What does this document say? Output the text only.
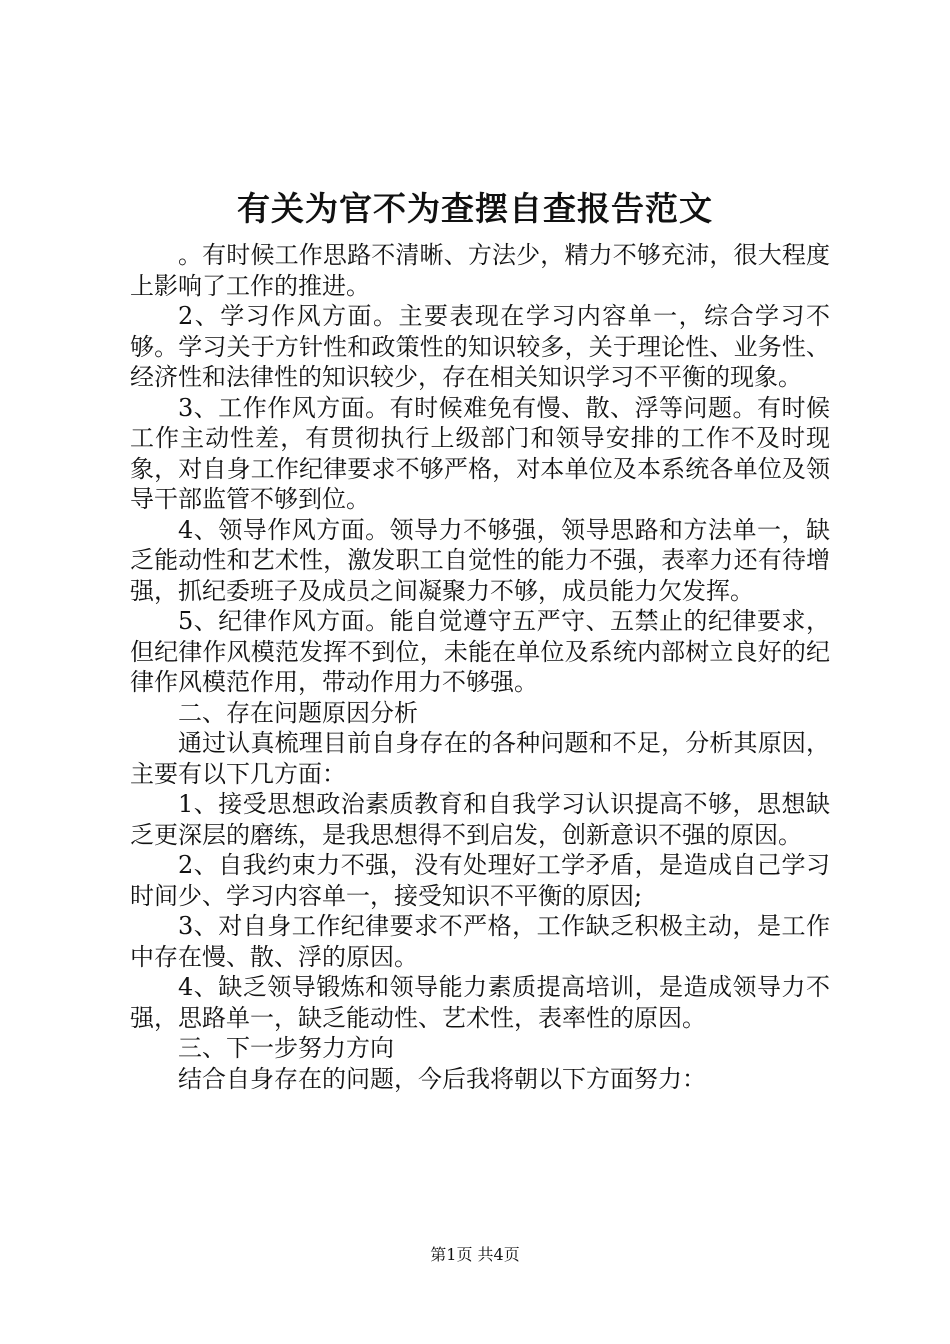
有关为官不为查摆自查报告范文

。有时候工作思路不清晰、方法少，精力不够充沛，很大程度上影响了工作的推进。

2、学习作风方面。主要表现在学习内容单一，综合学习不够。学习关于方针性和政策性的知识较多，关于理论性、业务性、经济性和法律性的知识较少，存在相关知识学习不平衡的现象。

3、工作作风方面。有时候难免有慢、散、浮等问题。有时候工作主动性差，有贯彻执行上级部门和领导安排的工作不及时现象，对自身工作纪律要求不够严格，对本单位及本系统各单位及领导干部监管不够到位。

4、领导作风方面。领导力不够强，领导思路和方法单一，缺乏能动性和艺术性，激发职工自觉性的能力不强，表率力还有待增强，抓纪委班子及成员之间凝聚力不够，成员能力欠发挥。

5、纪律作风方面。能自觉遵守五严守、五禁止的纪律要求，但纪律作风模范发挥不到位，未能在单位及系统内部树立良好的纪律作风模范作用，带动作用力不够强。

二、存在问题原因分析

通过认真梳理目前自身存在的各种问题和不足，分析其原因，主要有以下几方面：

1、接受思想政治素质教育和自我学习认识提高不够，思想缺乏更深层的磨练，是我思想得不到启发，创新意识不强的原因。

2、自我约束力不强，没有处理好工学矛盾，是造成自己学习时间少、学习内容单一，接受知识不平衡的原因;

3、对自身工作纪律要求不严格，工作缺乏积极主动，是工作中存在慢、散、浮的原因。

4、缺乏领导锻炼和领导能力素质提高培训，是造成领导力不强，思路单一，缺乏能动性、艺术性，表率性的原因。

三、下一步努力方向

结合自身存在的问题，今后我将朝以下方面努力：

第1页 共4页
